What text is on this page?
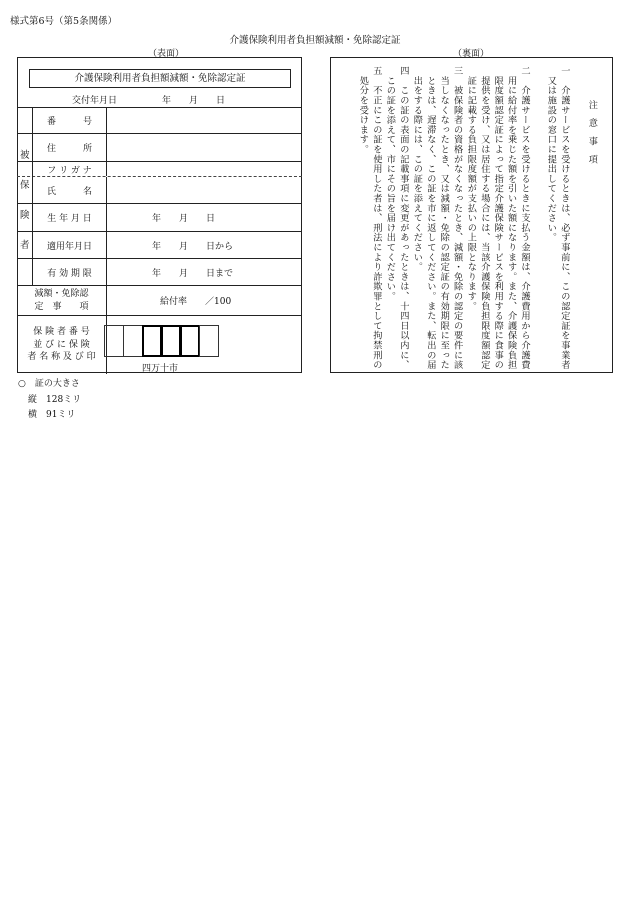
様式第6号（第5条関係）
介護保険利用者負担額減額・免除認定証
（表面）	（裏面）
介護保険利用者負担額減額・免除認定証
交付年月日	年　　月　　日
番　　　号
住　　　所
フ リ ガ ナ
氏　　　名
生 年 月 日	年　　月　　日
適用年月日	年　　月　　日から
有 効 期 限	年　　月　　日まで
減額・免除認
定　事　　項	給付率　　／100
保 険 者 番 号
並 び に 保 険
者 名 称 及 び 印
被
保
険
者
四万十市
○　証の大きさ
縦　128ミリ
横　91ミリ
注 意 事 項
一　介護サービスを受けるときは、必ず事前に、この認定証を事業者
　又は施設の窓口に提出してください。
二　介護サービスを受けるときに支払う金額は、介護費用から介護費
　用に給付率を乗じた額を引いた額になります。また、介護保険負担
　限度額認定証によって指定介護保険サービスを利用する際に食事の
　提供を受け、又は居住する場合には、当該介護保険負担限度額認定
　証に記載する負担限度額が支払いの上限となります。
三　被保険者の資格がなくなったとき、減額・免除の認定の要件に該
　当しなくなったとき、又は減額・免除の認定証の有効期限に至った
　ときは、遅滞なく、この証を市に返してください。また、転出の届
　出をする際には、この証を添えてください。
四　この証の表面の記載事項に変更があったときは、十四日以内に、
　この証を添えて、市にその旨を届け出てください。
五　不正にこの証を使用した者は、刑法により詐欺罪として拘禁刑の
　処分を受けます。
